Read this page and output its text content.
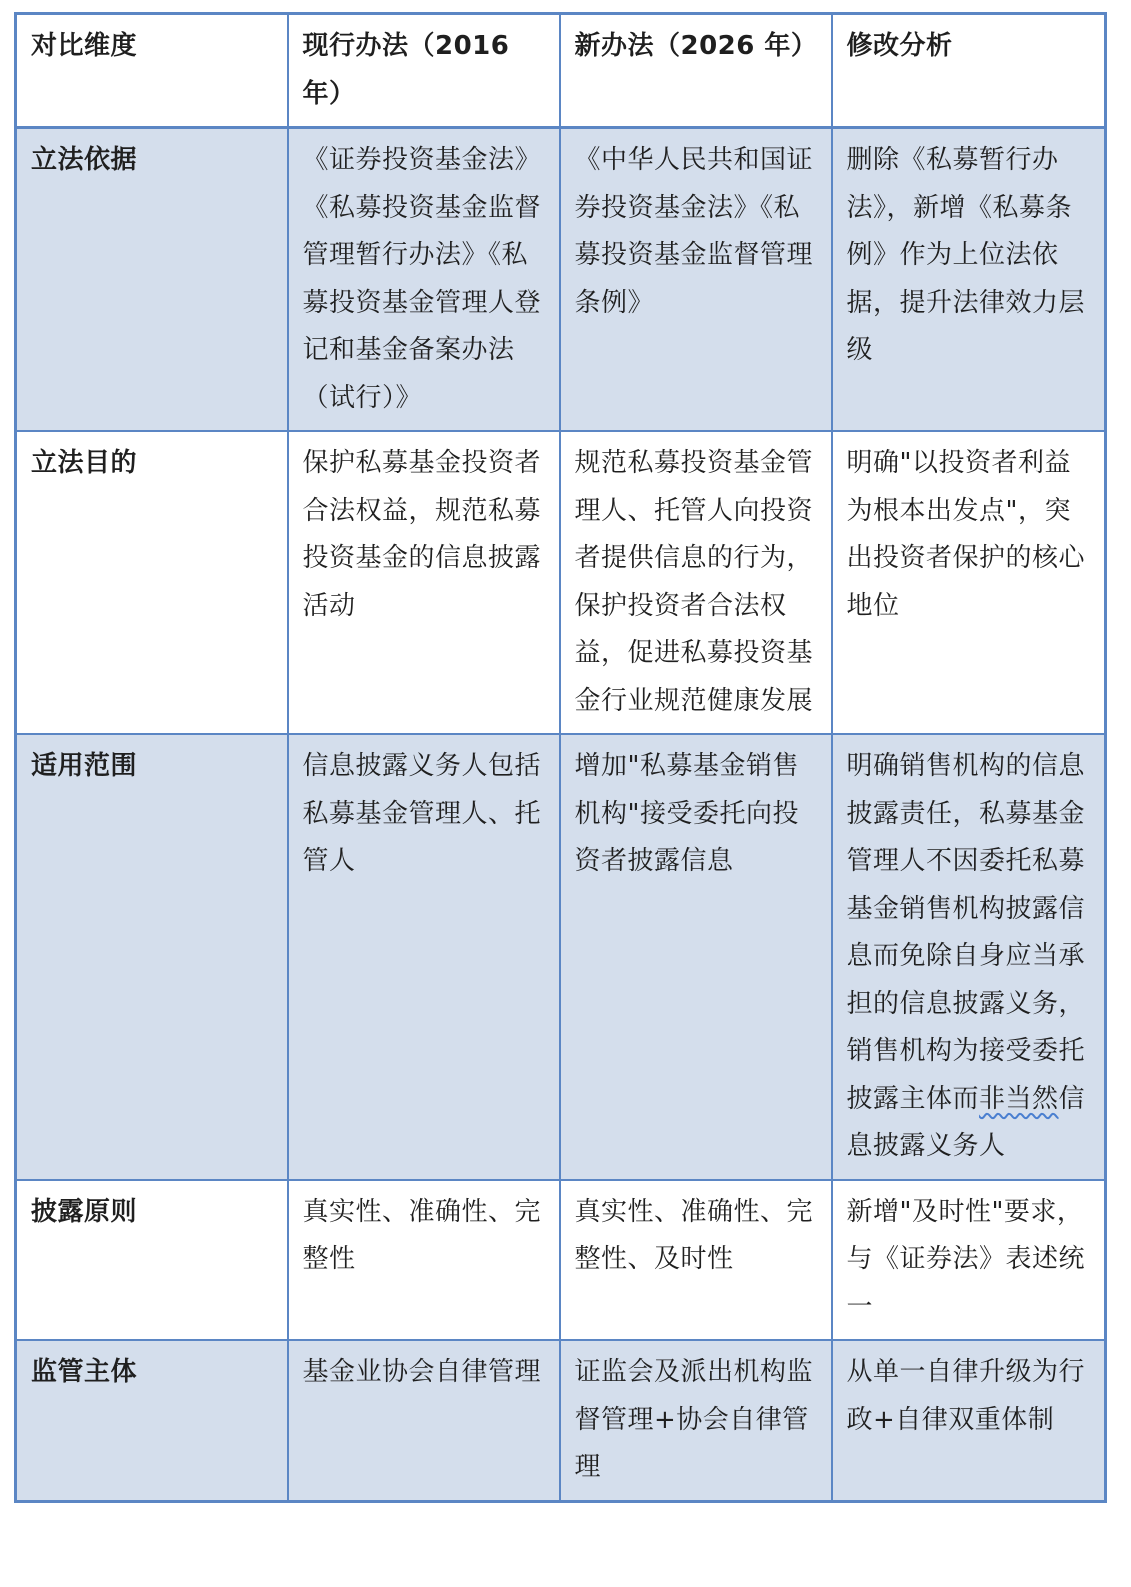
对比维度	现行办法（2016年）	新办法（2026 年）	修改分析
立法依据	《证券投资基金法》《私募投资基金监督管理暂行办法》《私募投资基金管理人登记和基金备案办法（试行）》	《中华人民共和国证券投资基金法》《私募投资基金监督管理条例》	删除《私募暂行办法》，新增《私募条例》作为上位法依据，提升法律效力层级
立法目的	保护私募基金投资者合法权益，规范私募投资基金的信息披露活动	规范私募投资基金管理人、托管人向投资者提供信息的行为，保护投资者合法权益，促进私募投资基金行业规范健康发展	明确"以投资者利益为根本出发点"，突出投资者保护的核心地位
适用范围	信息披露义务人包括私募基金管理人、托管人	增加"私募基金销售机构"接受委托向投资者披露信息	明确销售机构的信息披露责任，私募基金管理人不因委托私募基金销售机构披露信息而免除自身应当承担的信息披露义务，销售机构为接受委托披露主体而非当然信息披露义务人
披露原则	真实性、准确性、完整性	真实性、准确性、完整性、及时性	新增"及时性"要求，与《证券法》表述统一
监管主体	基金业协会自律管理	证监会及派出机构监督管理+协会自律管理	从单一自律升级为行政+自律双重体制
